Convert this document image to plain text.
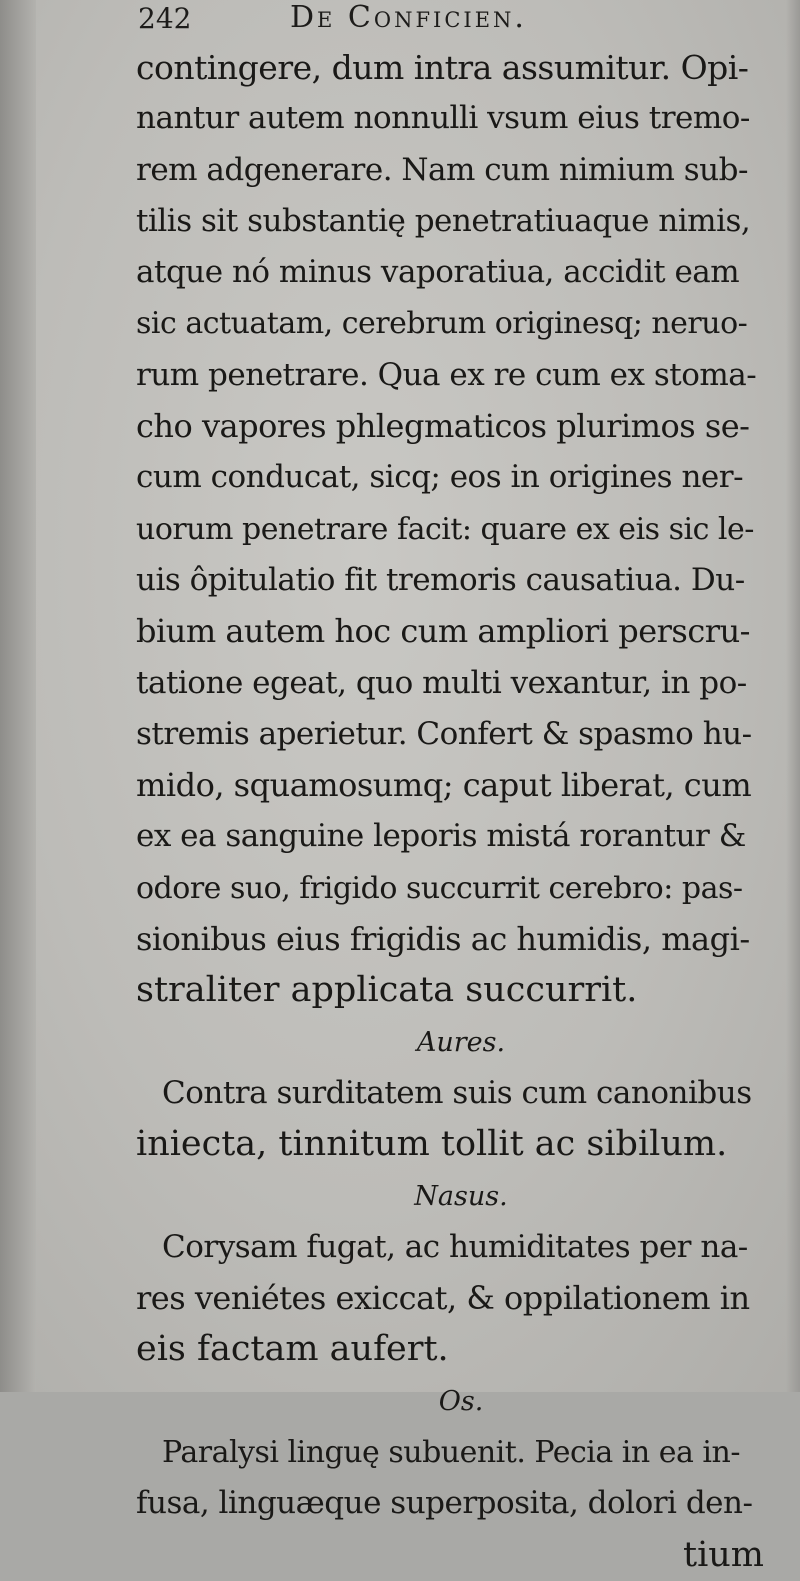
242	De Conficien.
contingere, dum intra assumitur. Opi-
nantur autem nonnulli vsum eius tremo-
rem adgenerare. Nam cum nimium sub-
tilis sit substantię penetratiuaque nimis,
atque nó minus vaporatiua, accidit eam
sic actuatam, cerebrum originesq; neruo-
rum penetrare. Qua ex re cum ex stoma-
cho vapores phlegmaticos plurimos se-
cum conducat, sicq; eos in origines ner-
uorum penetrare facit: quare ex eis sic le-
uis ôpitulatio fit tremoris causatiua. Du-
bium autem hoc cum ampliori perscru-
tatione egeat, quo multi vexantur, in po-
stremis aperietur. Confert & spasmo hu-
mido, squamosumq; caput liberat, cum
ex ea sanguine leporis mistá rorantur &
odore suo, frigido succurrit cerebro: pas-
sionibus eius frigidis ac humidis, magi-
straliter applicata succurrit.
Aures.
Contra surditatem suis cum canonibus
iniecta, tinnitum tollit ac sibilum.
Nasus.
Corysam fugat, ac humiditates per na-
res veniétes exiccat, & oppilationem in
eis factam aufert.
Os.
Paralysi linguę subuenit. Pecia in ea in-
fusa, linguæque superposita, dolori den-
tium
